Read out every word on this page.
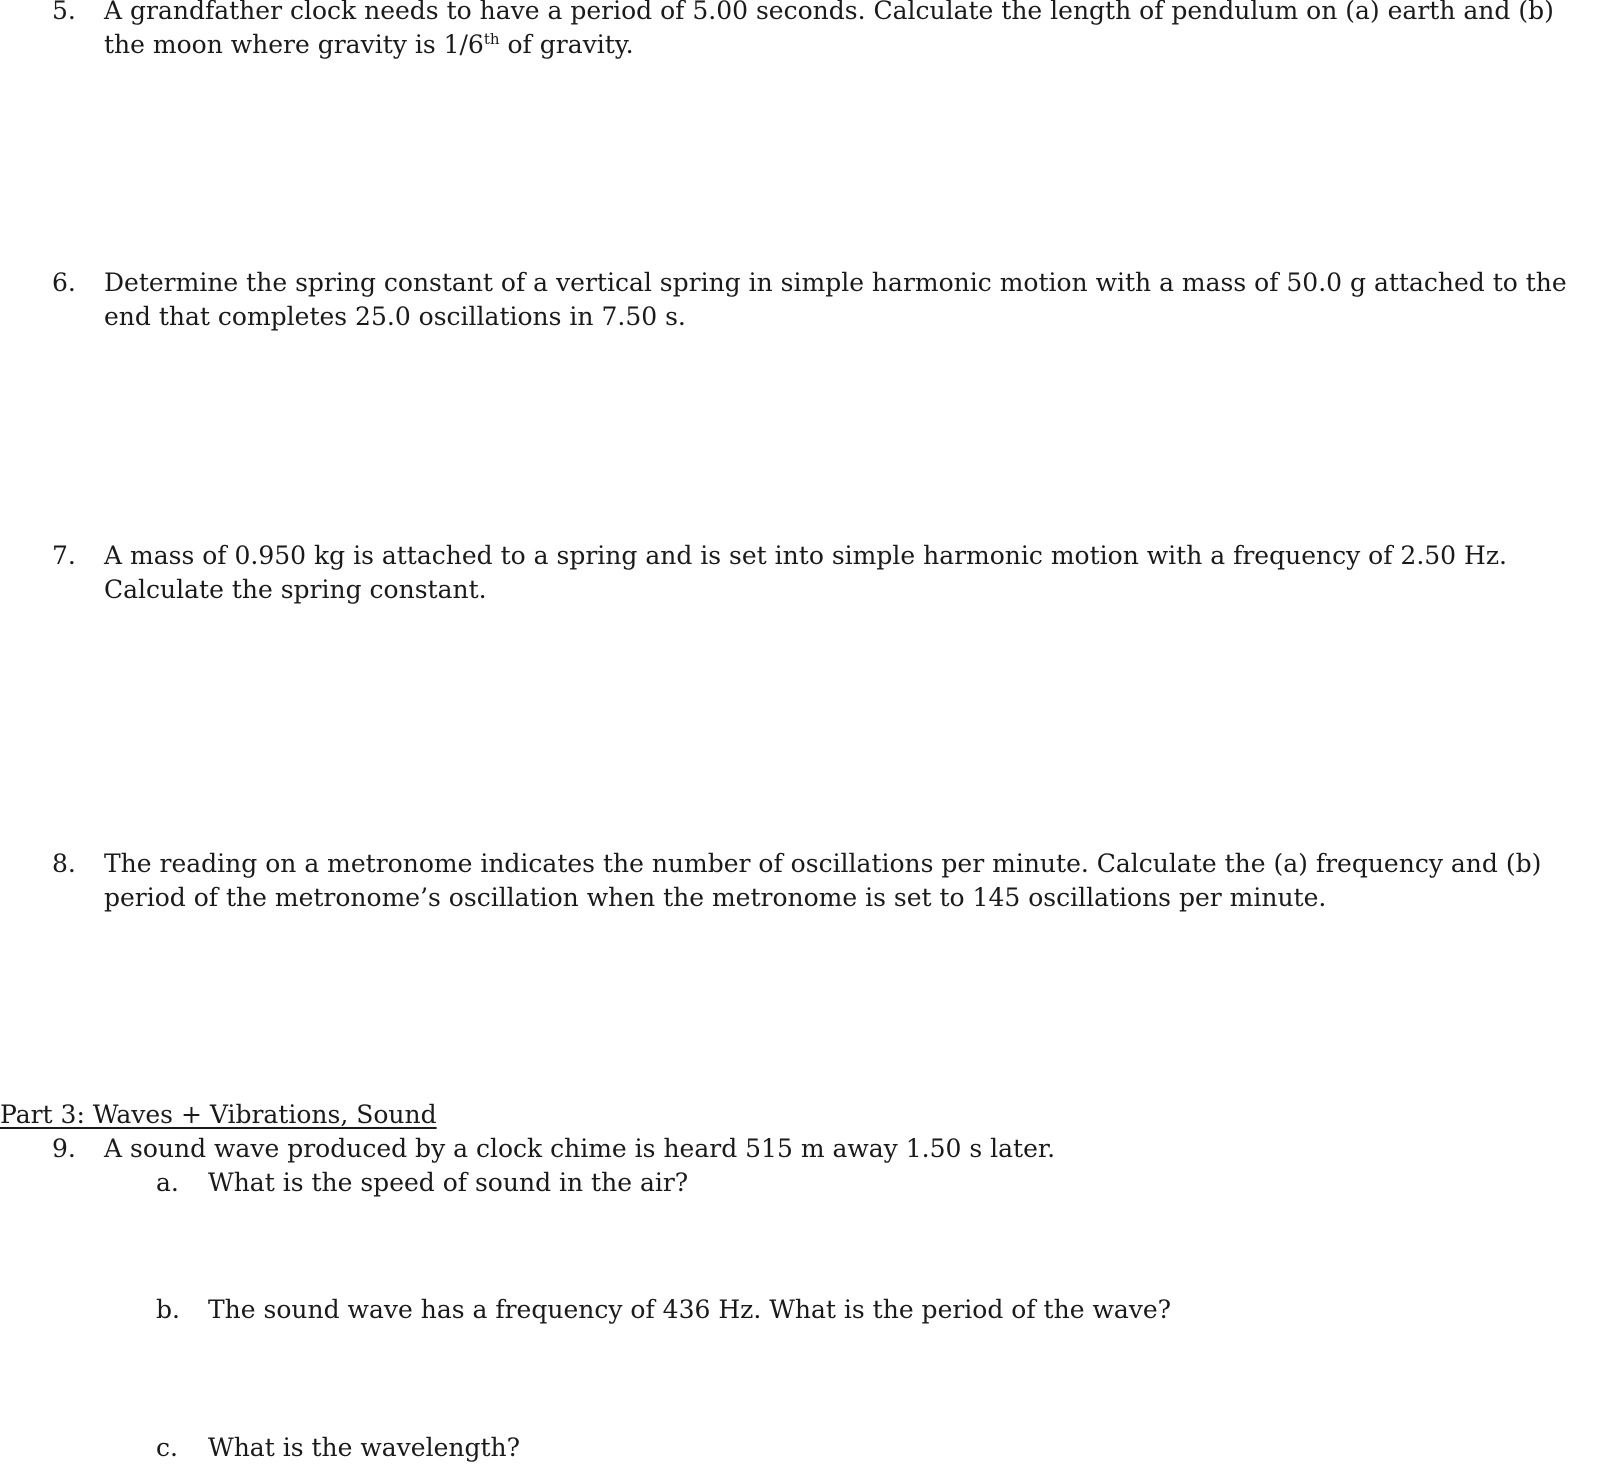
5. A grandfather clock needs to have a period of 5.00 seconds. Calculate the length of pendulum on (a) earth and (b) the moon where gravity is 1/6th of gravity.
6. Determine the spring constant of a vertical spring in simple harmonic motion with a mass of 50.0 g attached to the end that completes 25.0 oscillations in 7.50 s.
7. A mass of 0.950 kg is attached to a spring and is set into simple harmonic motion with a frequency of 2.50 Hz. Calculate the spring constant.
8. The reading on a metronome indicates the number of oscillations per minute. Calculate the (a) frequency and (b) period of the metronome’s oscillation when the metronome is set to 145 oscillations per minute.
Part 3: Waves + Vibrations, Sound
9. A sound wave produced by a clock chime is heard 515 m away 1.50 s later.
a. What is the speed of sound in the air?
b. The sound wave has a frequency of 436 Hz. What is the period of the wave?
c. What is the wavelength?
